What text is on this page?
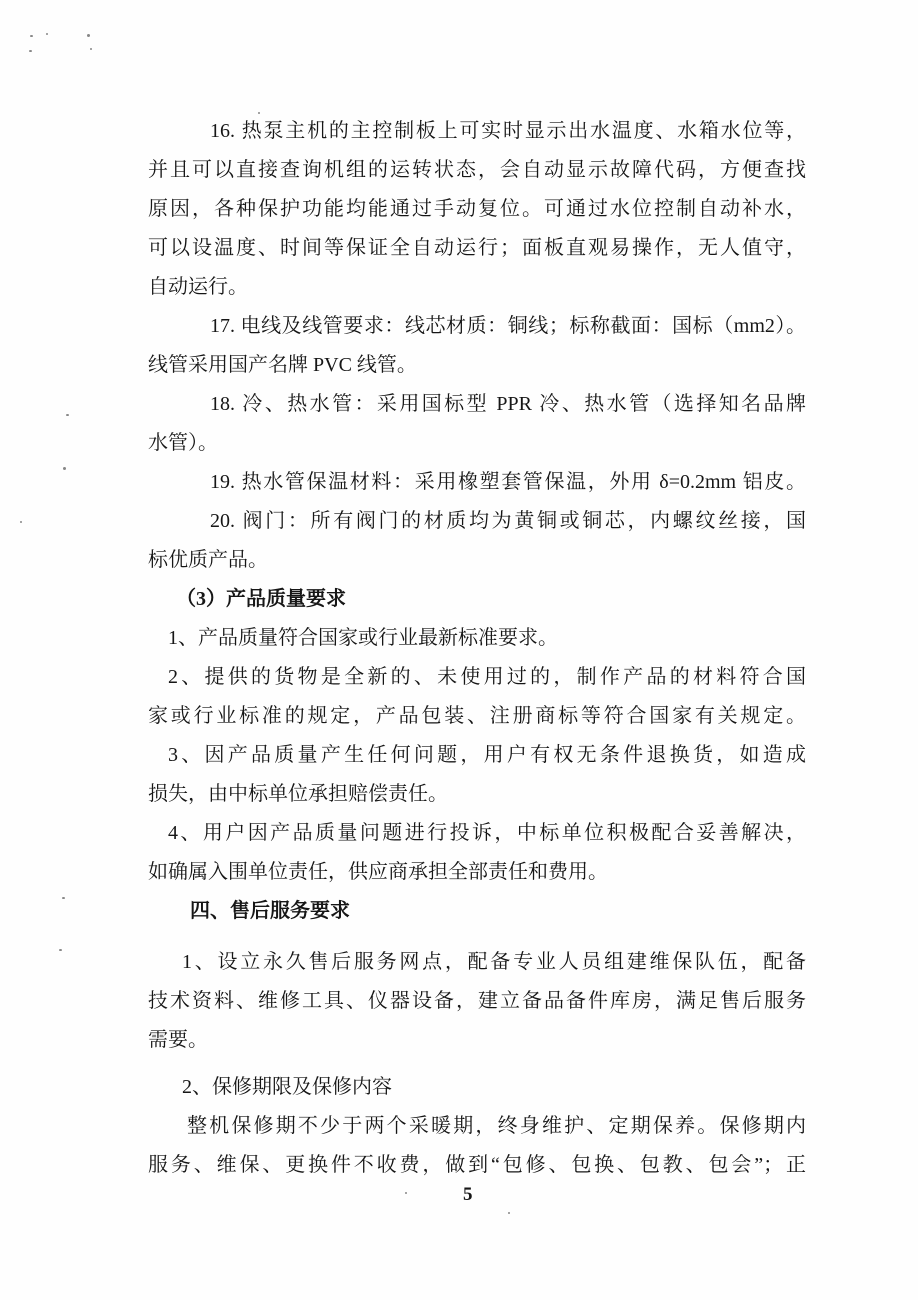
16. 热泵主机的主控制板上可实时显示出水温度、水箱水位等，
并且可以直接查询机组的运转状态，会自动显示故障代码，方便查找
原因，各种保护功能均能通过手动复位。可通过水位控制自动补水，
可以设温度、时间等保证全自动运行；面板直观易操作，无人值守，
自动运行。
17. 电线及线管要求：线芯材质：铜线；标称截面：国标（mm2）。
线管采用国产名牌 PVC 线管。
18. 冷、热水管：采用国标型 PPR 冷、热水管（选择知名品牌
水管）。
19. 热水管保温材料：采用橡塑套管保温，外用 δ=0.2mm 铝皮。
20. 阀门：所有阀门的材质均为黄铜或铜芯，内螺纹丝接，国
标优质产品。
（3）产品质量要求
1、产品质量符合国家或行业最新标准要求。
2、提供的货物是全新的、未使用过的，制作产品的材料符合国
家或行业标准的规定，产品包装、注册商标等符合国家有关规定。
3、因产品质量产生任何问题，用户有权无条件退换货，如造成
损失，由中标单位承担赔偿责任。
4、用户因产品质量问题进行投诉，中标单位积极配合妥善解决，
如确属入围单位责任，供应商承担全部责任和费用。
四、售后服务要求
1、设立永久售后服务网点，配备专业人员组建维保队伍，配备
技术资料、维修工具、仪器设备，建立备品备件库房，满足售后服务
需要。
2、保修期限及保修内容
整机保修期不少于两个采暖期，终身维护、定期保养。保修期内
服务、维保、更换件不收费，做到“包修、包换、包教、包会”；正
5
